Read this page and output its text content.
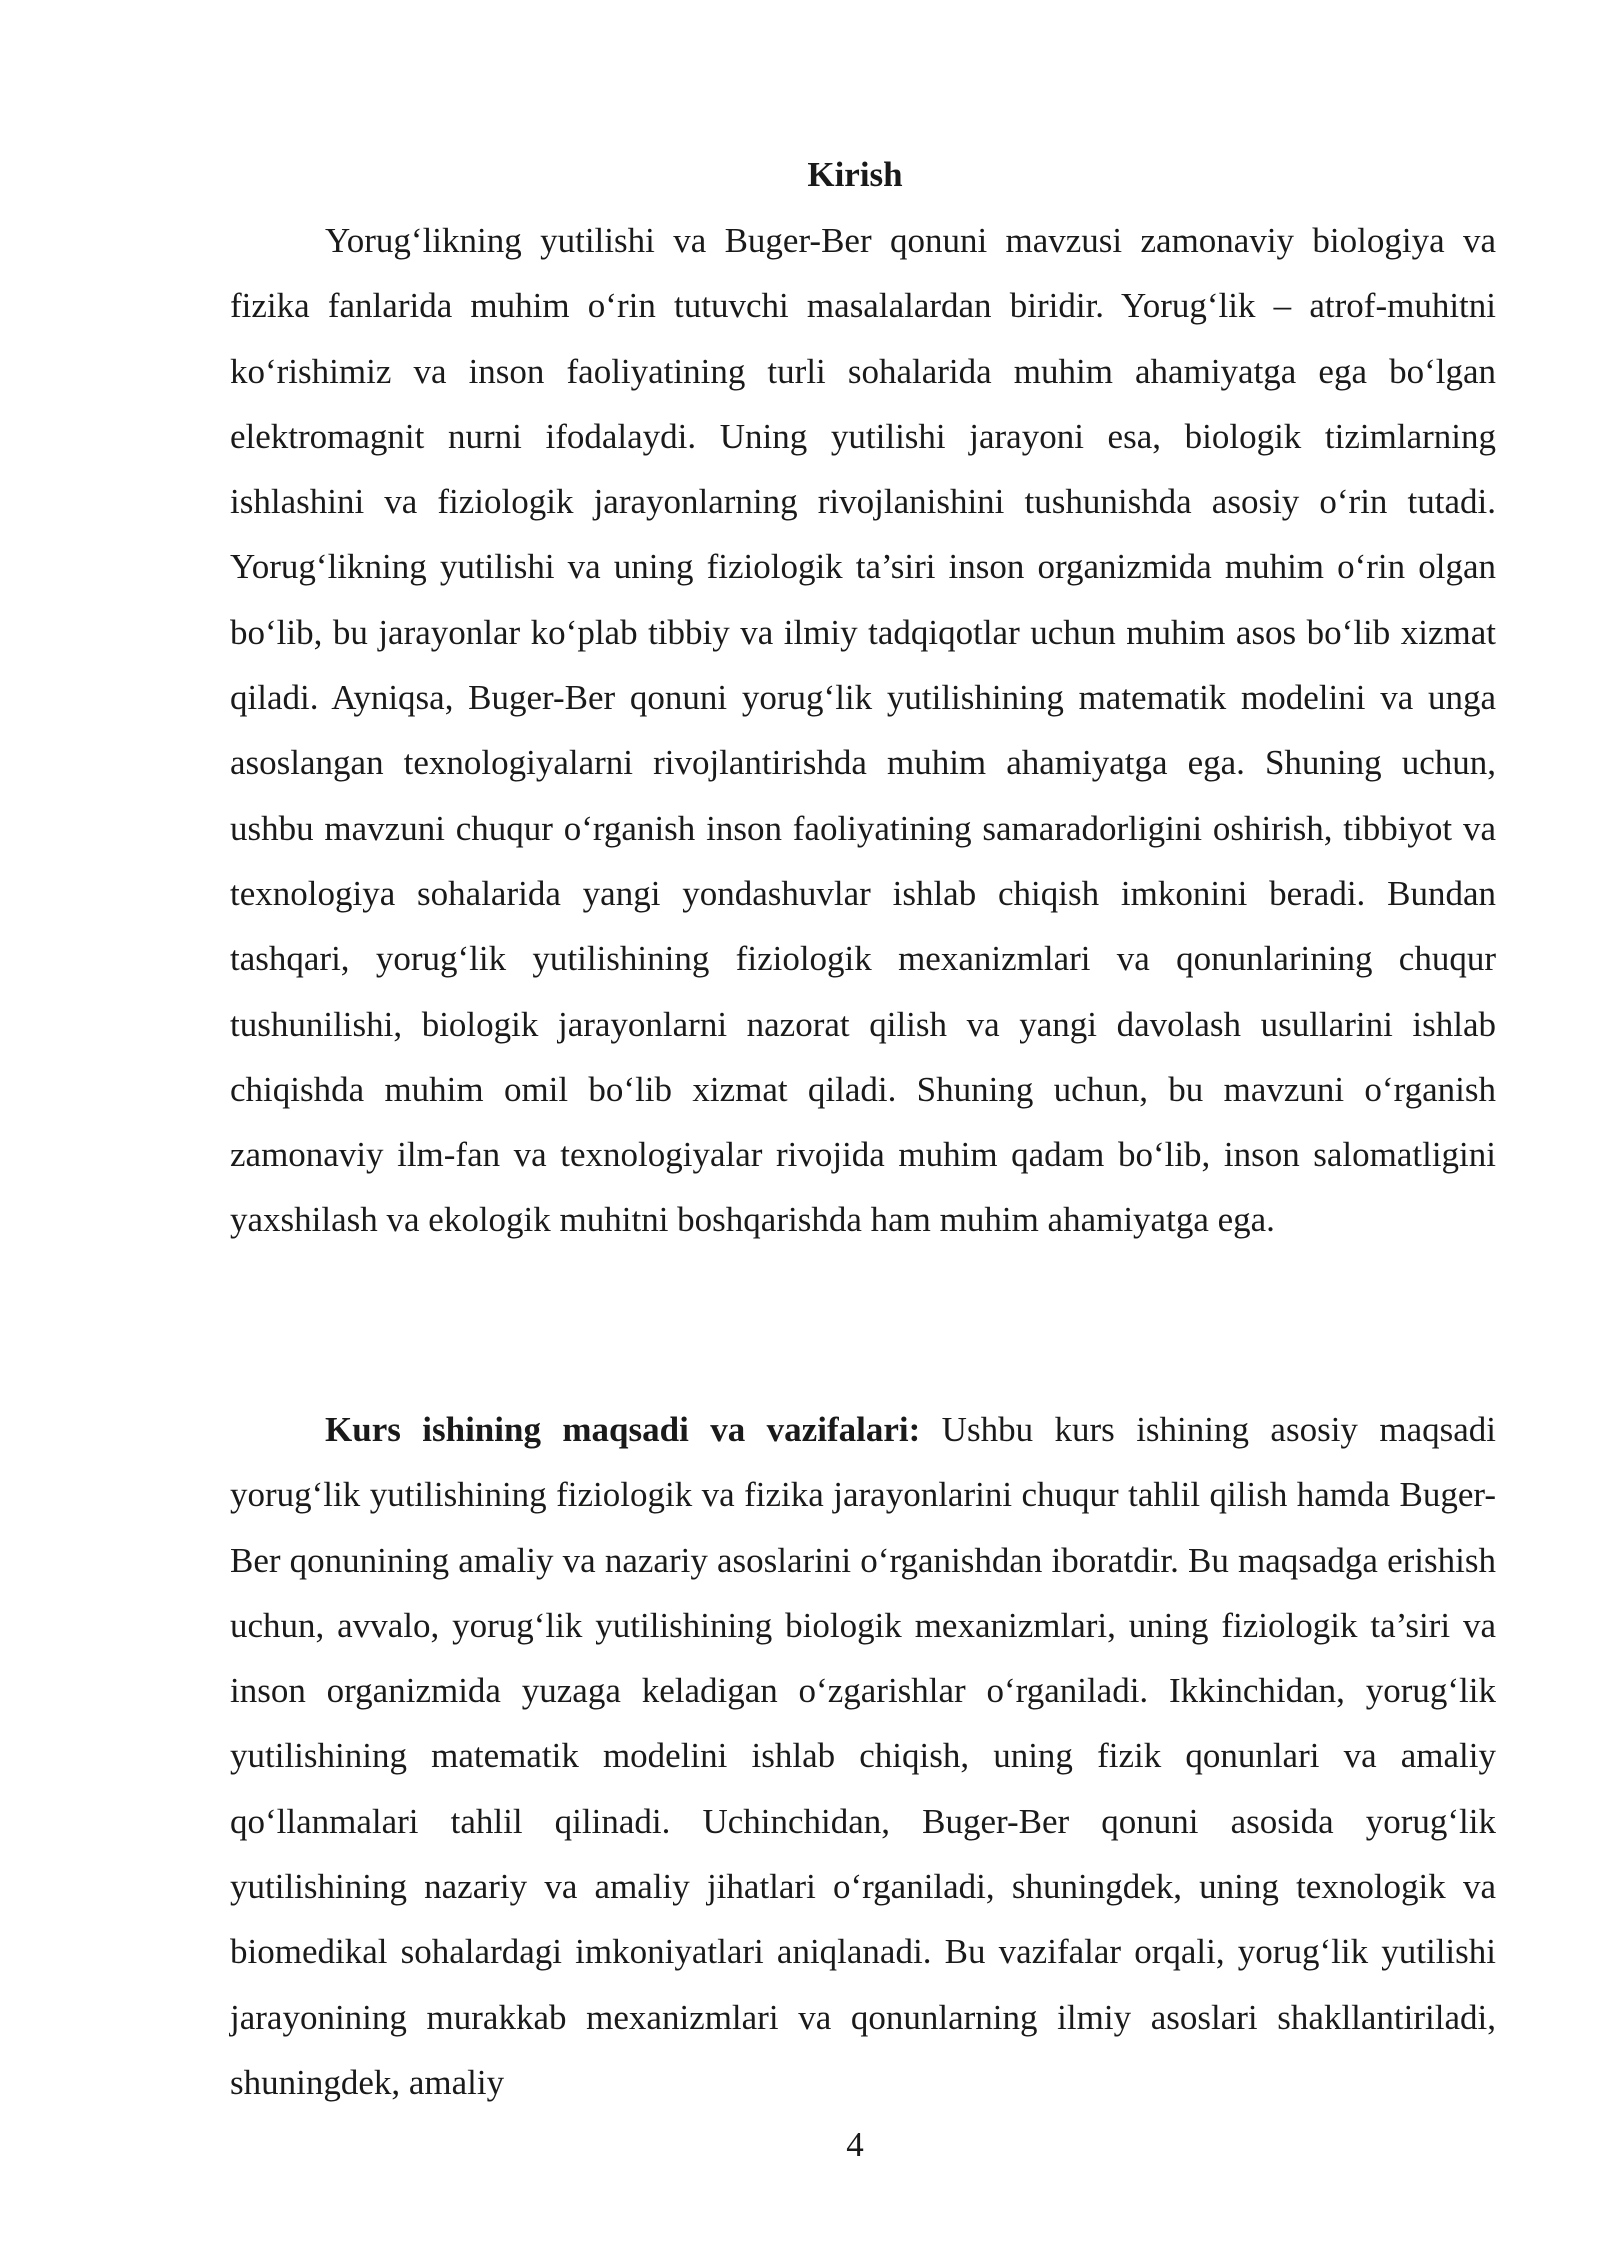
Kirish

Yorug‘likning yutilishi va Buger-Ber qonuni mavzusi zamonaviy biologiya va fizika fanlarida muhim o‘rin tutuvchi masalalardan biridir. Yorug‘lik – atrof-muhitni ko‘rishimiz va inson faoliyatining turli sohalarida muhim ahamiyatga ega bo‘lgan elektromagnit nurni ifodalaydi. Uning yutilishi jarayoni esa, biologik tizimlarning ishlashini va fiziologik jarayonlarning rivojlanishini tushunishda asosiy o‘rin tutadi. Yorug‘likning yutilishi va uning fiziologik ta’siri inson organizmida muhim o‘rin olgan bo‘lib, bu jarayonlar ko‘plab tibbiy va ilmiy tadqiqotlar uchun muhim asos bo‘lib xizmat qiladi. Ayniqsa, Buger-Ber qonuni yorug‘lik yutilishining matematik modelini va unga asoslangan texnologiyalarni rivojlantirishda muhim ahamiyatga ega. Shuning uchun, ushbu mavzuni chuqur o‘rganish inson faoliyatining samaradorligini oshirish, tibbiyot va texnologiya sohalarida yangi yondashuvlar ishlab chiqish imkonini beradi. Bundan tashqari, yorug‘lik yutilishining fiziologik mexanizmlari va qonunlarining chuqur tushunilishi, biologik jarayonlarni nazorat qilish va yangi davolash usullarini ishlab chiqishda muhim omil bo‘lib xizmat qiladi. Shuning uchun, bu mavzuni o‘rganish zamonaviy ilm-fan va texnologiyalar rivojida muhim qadam bo‘lib, inson salomatligini yaxshilash va ekologik muhitni boshqarishda ham muhim ahamiyatga ega.

Kurs ishining maqsadi va vazifalari: Ushbu kurs ishining asosiy maqsadi yorug‘lik yutilishining fiziologik va fizika jarayonlarini chuqur tahlil qilish hamda Buger-Ber qonunining amaliy va nazariy asoslarini o‘rganishdan iboratdir. Bu maqsadga erishish uchun, avvalo, yorug‘lik yutilishining biologik mexanizmlari, uning fiziologik ta’siri va inson organizmida yuzaga keladigan o‘zgarishlar o‘rganiladi. Ikkinchidan, yorug‘lik yutilishining matematik modelini ishlab chiqish, uning fizik qonunlari va amaliy qo‘llanmalari tahlil qilinadi. Uchinchidan, Buger-Ber qonuni asosida yorug‘lik yutilishining nazariy va amaliy jihatlari o‘rganiladi, shuningdek, uning texnologik va biomedikal sohalardagi imkoniyatlari aniqlanadi. Bu vazifalar orqali, yorug‘lik yutilishi jarayonining murakkab mexanizmlari va qonunlarning ilmiy asoslari shakllantiriladi, shuningdek, amaliy

4
